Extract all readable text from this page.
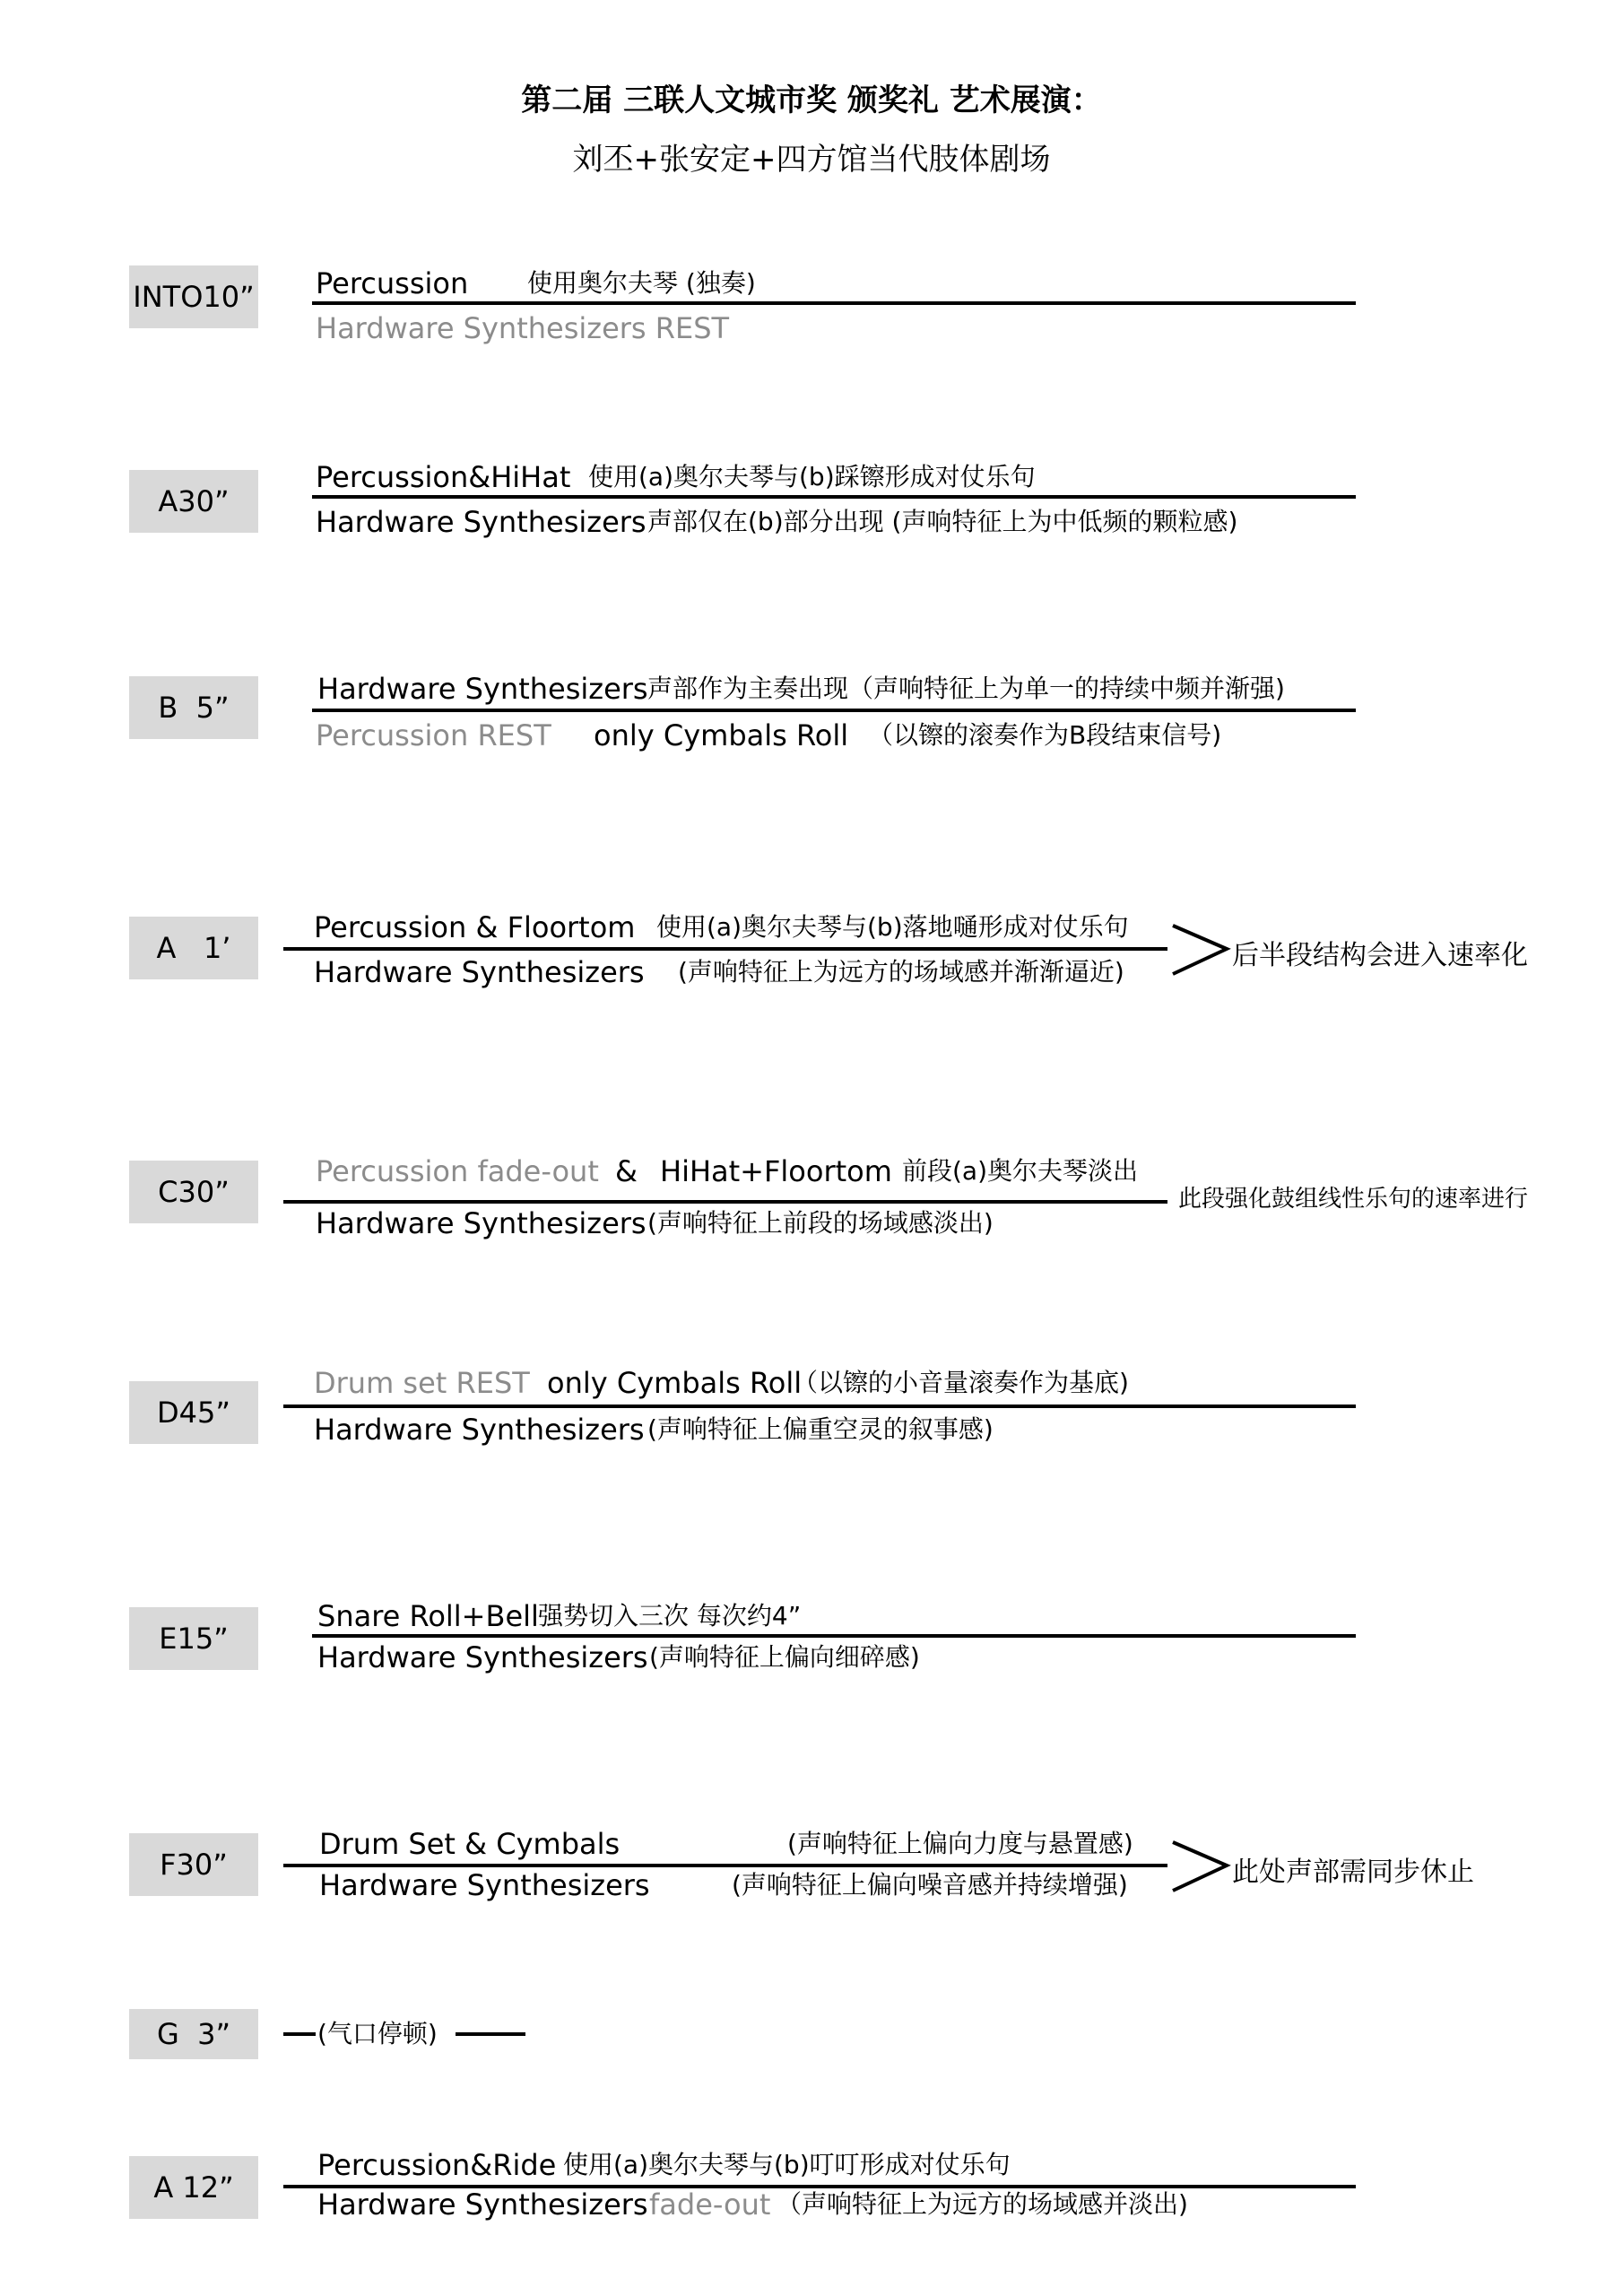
第二届 三联人文城市奖 颁奖礼 艺术展演：
刘丕+张安定+四方馆当代肢体剧场
INTO10” Percussion 使用奥尔夫琴 (独奏)
Hardware Synthesizers REST
A30”
Percussion&HiHat 使用(a)奥尔夫琴与(b)踩镲形成对仗乐句
Hardware Synthesizers 声部仅在(b)部分出现 (声响特征上为中低频的颗粒感)
B  5”
Hardware Synthesizers 声部作为主奏出现（声响特征上为单一的持续中频并渐强)
Percussion REST only Cymbals Roll （以镲的滚奏作为B段结束信号)
A   1’
Percussion & Floortom 使用(a)奥尔夫琴与(b)落地嗵形成对仗乐句
Hardware Synthesizers (声响特征上为远方的场域感并渐渐逼近)
后半段结构会进入速率化
C30”
Percussion fade-out & HiHat+Floortom 前段(a)奥尔夫琴淡出
Hardware Synthesizers (声响特征上前段的场域感淡出)
此段强化鼓组线性乐句的速率进行
D45”
Drum set REST only Cymbals Roll
（以镲的小音量滚奏作为基底)
Hardware Synthesizers (声响特征上偏重空灵的叙事感)
E15”
Snare Roll+Bell 强势切入三次 每次约4”
Hardware Synthesizers (声响特征上偏向细碎感)
F30”
Drum Set & Cymbals	(声响特征上偏向力度与悬置感)
Hardware Synthesizers	(声响特征上偏向噪音感并持续增强)	此处声部需同步休止
G  3”	(气口停顿)
A 12”
Percussion&Ride 使用(a)奥尔夫琴与(b)叮叮形成对仗乐句
Hardware Synthesizers fade-out （声响特征上为远方的场域感并淡出)
